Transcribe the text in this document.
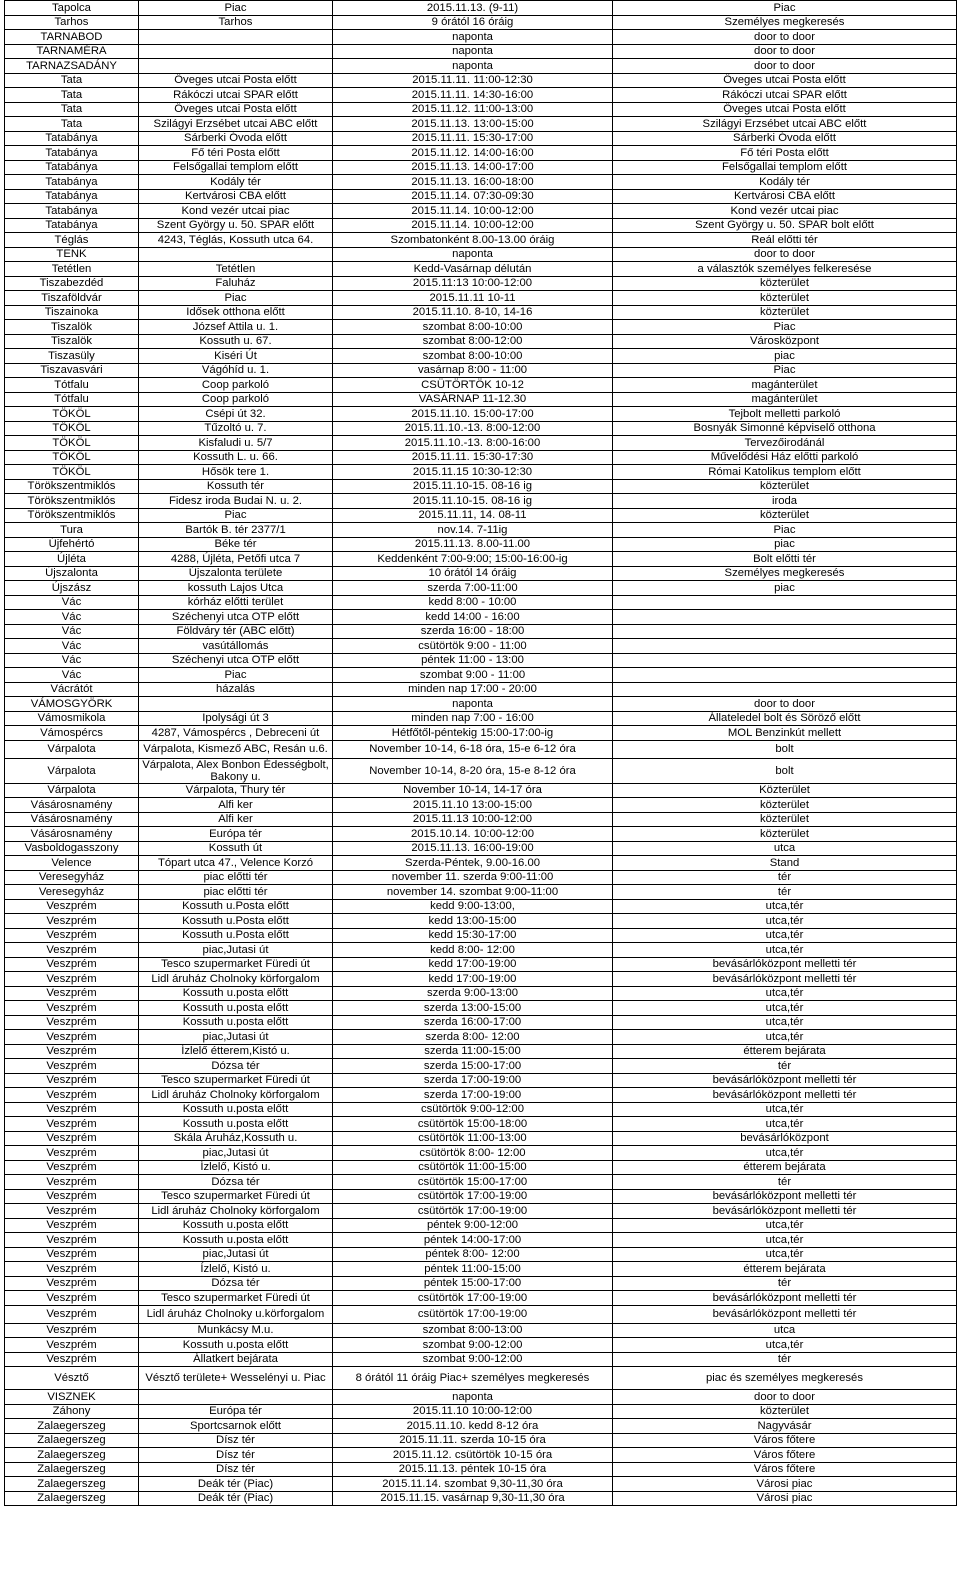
Tapolca	Piac	2015.11.13. (9-11)	Piac
Tarhos	Tarhos	9 órától 16 óráig	Személyes megkeresés
TARNABOD		naponta	door to door
TARNAMÉRA		naponta	door to door
TARNAZSADÁNY		naponta	door to door
Tata	Öveges utcai Posta előtt	2015.11.11. 11:00-12:30	Öveges utcai Posta előtt
Tata	Rákóczi utcai SPAR előtt	2015.11.11. 14:30-16:00	Rákóczi utcai SPAR előtt
Tata	Öveges utcai Posta előtt	2015.11.12. 11:00-13:00	Öveges utcai Posta előtt
Tata	Szilágyi Erzsébet utcai ABC előtt	2015.11.13. 13:00-15:00	Szilágyi Erzsébet utcai ABC előtt
Tatabánya	Sárberki Óvoda előtt	2015.11.11. 15:30-17:00	Sárberki Óvoda előtt
Tatabánya	Fő téri Posta előtt	2015.11.12. 14:00-16:00	Fő téri Posta előtt
Tatabánya	Felsőgallai templom előtt	2015.11.13. 14:00-17:00	Felsőgallai templom előtt
Tatabánya	Kodály tér	2015.11.13. 16:00-18:00	Kodály tér
Tatabánya	Kertvárosi CBA előtt	2015.11.14. 07:30-09:30	Kertvárosi CBA előtt
Tatabánya	Kond vezér utcai piac	2015.11.14. 10:00-12:00	Kond vezér utcai piac
Tatabánya	Szent György u. 50. SPAR előtt	2015.11.14. 10:00-12:00	Szent György u. 50. SPAR bolt előtt
Téglás	4243, Téglás, Kossuth utca 64.	Szombatonként 8.00-13.00 óráig	Reál előtti tér
TENK		naponta	door to door
Tetétlen	Tetétlen	Kedd-Vasárnap délután	a választók személyes felkeresése
Tiszabezdéd	Faluház	2015.11:13 10:00-12:00	közterület
Tiszaföldvár	Piac	2015.11.11 10-11	közterület
Tiszainoka	Idősek otthona előtt	2015.11.10. 8-10, 14-16	közterület
Tiszalök	József Attila u. 1.	szombat 8:00-10:00	Piac
Tiszalök	Kossuth u. 67.	szombat 8:00-12:00	Városközpont
Tiszasüly	Kiséri Út	szombat 8:00-10:00	piac
Tiszavasvári	Vágóhíd u. 1.	vasárnap 8:00 - 11:00	Piac
Tótfalu	Coop parkoló	CSÜTÖRTÖK 10-12	magánterület
Tótfalu	Coop parkoló	VASÁRNAP 11-12.30	magánterület
TÖKÖL	Csépi út 32.	2015.11.10. 15:00-17:00	Tejbolt melletti parkoló
TÖKÖL	Tűzoltó u. 7.	2015.11.10.-13. 8:00-12:00	Bosnyák Simonné képviselő otthona
TÖKÖL	Kisfaludi u. 5/7	2015.11.10.-13. 8:00-16:00	Tervezőirodánál
TÖKÖL	Kossuth L. u. 66.	2015.11.11. 15:30-17:30	Művelődési Ház előtti parkoló
TÖKÖL	Hősök tere 1.	2015.11.15 10:30-12:30	Római Katolikus templom előtt
Törökszentmiklós	Kossuth tér	2015.11.10-15. 08-16 ig	közterület
Törökszentmiklós	Fidesz iroda Budai N. u. 2.	2015.11.10-15. 08-16 ig	iroda
Törökszentmiklós	Piac	2015.11.11, 14. 08-11	közterület
Tura	Bartók B. tér 2377/1	nov.14. 7-11ig	Piac
Újfehértó	Béke tér	2015.11.13. 8.00-11.00	piac
Újléta	4288, Újléta, Petőfi utca 7	Keddenként 7:00-9:00; 15:00-16:00-ig	Bolt előtti tér
Újszalonta	Újszalonta területe	10 órától 14 óráig	Személyes megkeresés
Újszász	kossuth Lajos Utca	szerda 7:00-11:00	piac
Vác	kórház előtti terület	kedd 8:00 - 10:00	
Vác	Széchenyi utca OTP előtt	kedd 14:00 - 16:00	
Vác	Földváry tér (ABC előtt)	szerda 16:00 - 18:00	
Vác	vasútállomás	csütörtök 9:00 - 11:00	
Vác	Széchenyi utca OTP előtt	péntek 11:00 - 13:00	
Vác	Piac	szombat 9:00 - 11:00	
Vácrátót	házalás	minden nap 17:00 - 20:00	
VÁMOSGYÖRK		naponta	door to door
Vámosmikola	Ipolysági út 3	minden nap 7:00 - 16:00	Állateledel bolt és Söröző előtt
Vámospércs	4287, Vámospércs , Debreceni út	Hétfőtől-péntekig 15:00-17:00-ig	MOL Benzinkút mellett
Várpalota	Várpalota, Kismező ABC, Resán u.6.	November 10-14, 6-18 óra, 15-e 6-12 óra	bolt
Várpalota	Várpalota, Alex Bonbon Édességbolt, Bakony u.	November 10-14, 8-20 óra, 15-e 8-12 óra	bolt
Várpalota	Várpalota, Thury tér	November 10-14, 14-17 óra	Közterület
Vásárosnamény	Alfi ker	2015.11.10 13:00-15:00	közterület
Vásárosnamény	Alfi ker	2015.11.13 10:00-12:00	közterület
Vásárosnamény	Európa tér	2015.10.14. 10:00-12:00	közterület
Vasboldogasszony	Kossuth út	2015.11.13. 16:00-19:00	utca
Velence	Tópart utca 47., Velence Korzó	Szerda-Péntek, 9.00-16.00	Stand
Veresegyház	piac előtti tér	november 11. szerda 9:00-11:00	tér
Veresegyház	piac előtti tér	november 14. szombat 9:00-11:00	tér
Veszprém	Kossuth u.Posta előtt	kedd 9:00-13:00,	utca,tér
Veszprém	Kossuth u.Posta előtt	kedd 13:00-15:00	utca,tér
Veszprém	Kossuth u.Posta előtt	kedd 15:30-17:00	utca,tér
Veszprém	piac,Jutasi út	kedd 8:00- 12:00	utca,tér
Veszprém	Tesco szupermarket Füredi út	kedd 17:00-19:00	bevásárlóközpont melletti tér
Veszprém	Lidl áruház Cholnoky körforgalom	kedd 17:00-19:00	bevásárlóközpont melletti tér
Veszprém	Kossuth u.posta előtt	szerda 9:00-13:00	utca,tér
Veszprém	Kossuth u.posta előtt	szerda 13:00-15:00	utca,tér
Veszprém	Kossuth u.posta előtt	szerda 16:00-17:00	utca,tér
Veszprém	piac,Jutasi út	szerda 8:00- 12:00	utca,tér
Veszprém	Ízlelő étterem,Kistó u.	szerda 11:00-15:00	étterem bejárata
Veszprém	Dózsa tér	szerda 15:00-17:00	tér
Veszprém	Tesco szupermarket Füredi út	szerda 17:00-19:00	bevásárlóközpont melletti tér
Veszprém	Lidl áruház Cholnoky körforgalom	szerda 17:00-19:00	bevásárlóközpont melletti tér
Veszprém	Kossuth u.posta előtt	csütörtök 9:00-12:00	utca,tér
Veszprém	Kossuth u.posta előtt	csütörtök 15:00-18:00	utca,tér
Veszprém	Skála Áruház,Kossuth u.	csütörtök 11:00-13:00	bevásárlóközpont
Veszprém	piac,Jutasi út	csütörtök 8:00- 12:00	utca,tér
Veszprém	Ízlelő, Kistó u.	csütörtök 11:00-15:00	étterem bejárata
Veszprém	Dózsa tér	csütörtök 15:00-17:00	tér
Veszprém	Tesco szupermarket Füredi út	csütörtök 17:00-19:00	bevásárlóközpont melletti tér
Veszprém	Lidl áruház Cholnoky körforgalom	csütörtök 17:00-19:00	bevásárlóközpont melletti tér
Veszprém	Kossuth u.posta előtt	péntek 9:00-12:00	utca,tér
Veszprém	Kossuth u.posta előtt	péntek 14:00-17:00	utca,tér
Veszprém	piac,Jutasi út	péntek 8:00- 12:00	utca,tér
Veszprém	Ízlelő, Kistó u.	péntek 11:00-15:00	étterem bejárata
Veszprém	Dózsa tér	péntek 15:00-17:00	tér
Veszprém	Tesco szupermarket Füredi út	csütörtök 17:00-19:00	bevásárlóközpont melletti tér
Veszprém	Lidl áruház Cholnoky u.körforgalom	csütörtök 17:00-19:00	bevásárlóközpont melletti tér
Veszprém	Munkácsy M.u.	szombat 8:00-13:00	utca
Veszprém	Kossuth u.posta előtt	szombat 9:00-12:00	utca,tér
Veszprém	Állatkert bejárata	szombat 9:00-12:00	tér
Vésztő	Vésztő területe+ Wesselényi u. Piac	8 órától 11 óráig Piac+ személyes megkeresés	piac és személyes megkeresés
VISZNEK		naponta	door to door
Záhony	Európa tér	2015.11.10 10:00-12:00	közterület
Zalaegerszeg	Sportcsarnok előtt	2015.11.10. kedd 8-12 óra	Nagyvásár
Zalaegerszeg	Dísz tér	2015.11.11. szerda 10-15 óra	Város főtere
Zalaegerszeg	Dísz tér	2015.11.12. csütörtök 10-15 óra	Város főtere
Zalaegerszeg	Dísz tér	2015.11.13. péntek 10-15 óra	Város főtere
Zalaegerszeg	Deák tér (Piac)	2015.11.14. szombat 9,30-11,30 óra	Városi piac
Zalaegerszeg	Deák tér (Piac)	2015.11.15. vasárnap 9,30-11,30 óra	Városi piac
